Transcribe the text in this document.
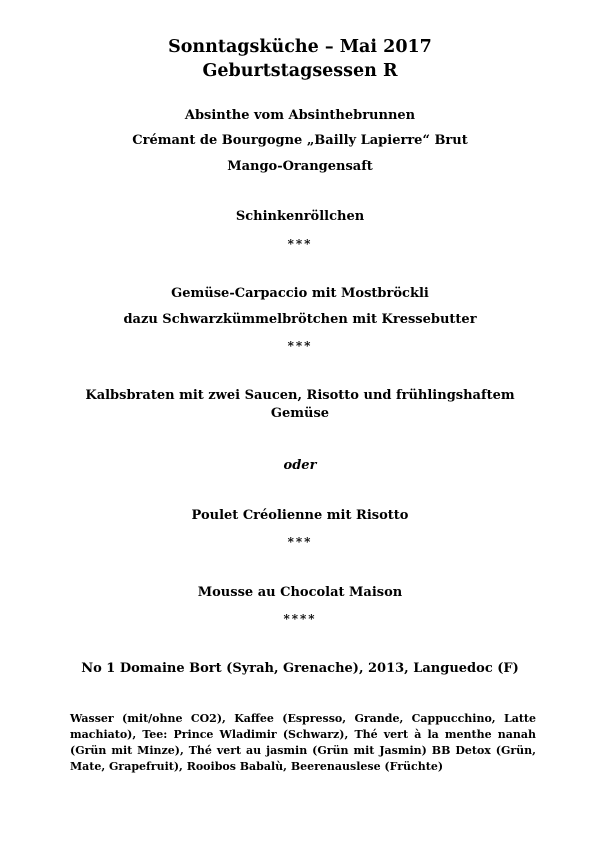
Sonntagsküche – Mai 2017
Geburtstagsessen R
Absinthe vom Absinthebrunnen
Crémant de Bourgogne „Bailly Lapierre“ Brut
Mango-Orangensaft
Schinkenröllchen
***
Gemüse-Carpaccio mit Mostbröckli
dazu Schwarzkümmelbrötchen mit Kressebutter
***
Kalbsbraten mit zwei Saucen, Risotto und frühlingshaftem
Gemüse
oder
Poulet Créolienne mit Risotto
***
Mousse au Chocolat Maison
****
No 1 Domaine Bort (Syrah, Grenache), 2013, Languedoc (F)
Wasser (mit/ohne CO2), Kaffee (Espresso, Grande, Cappucchino, Latte machiato), Tee: Prince Wladimir (Schwarz), Thé vert à la menthe nanah (Grün mit Minze), Thé vert au jasmin (Grün mit Jasmin) BB Detox (Grün, Mate, Grapefruit), Rooibos Babalù, Beerenauslese (Früchte)
